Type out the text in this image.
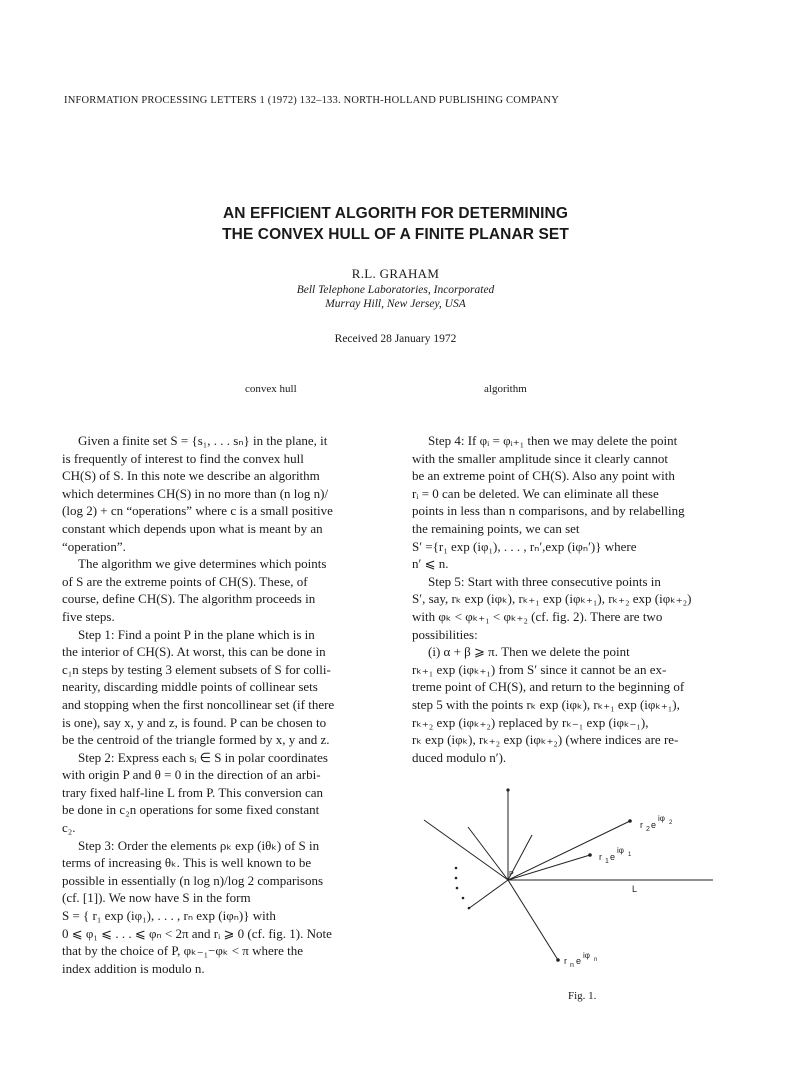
INFORMATION PROCESSING LETTERS 1 (1972) 132–133. NORTH-HOLLAND PUBLISHING COMPANY
AN EFFICIENT ALGORITH FOR DETERMINING
THE CONVEX HULL OF A FINITE PLANAR SET
R.L. GRAHAM
Bell Telephone Laboratories, Incorporated
Murray Hill, New Jersey, USA
Received 28 January 1972
convex hull	algorithm

Given a finite set S = {s₁, . . . sₙ} in the plane, it

is frequently of interest to find the convex hull

CH(S) of S. In this note we describe an algorithm

which determines CH(S) in no more than (n log n)/

(log 2) + cn “operations” where c is a small positive

constant which depends upon what is meant by an

“operation”.

The algorithm we give determines which points

of S are the extreme points of CH(S). These, of

course, define CH(S). The algorithm proceeds in

five steps.

Step 1: Find a point P in the plane which is in

the interior of CH(S). At worst, this can be done in

c₁n steps by testing 3 element subsets of S for colli-

nearity, discarding middle points of collinear sets

and stopping when the first noncollinear set (if there

is one), say x, y and z, is found. P can be chosen to

be the centroid of the triangle formed by x, y and z.

Step 2: Express each sᵢ ∈ S in polar coordinates

with origin P and θ = 0 in the direction of an arbi-

trary fixed half-line L from P. This conversion can

be done in c₂n operations for some fixed constant

c₂.

Step 3: Order the elements ρₖ exp (iθₖ) of S in

terms of increasing θₖ. This is well known to be

possible in essentially (n log n)/log 2 comparisons

(cf. [1]). We now have S in the form

S = { r₁ exp (iφ₁), . . . , rₙ exp (iφₙ)} with

0 ⩽ φ₁ ⩽ . . . ⩽ φₙ < 2π and rᵢ ⩾ 0 (cf. fig. 1). Note

that by the choice of P, φₖ₋₁−φₖ < π where the

index addition is modulo n.

Step 4: If φᵢ = φᵢ₊₁ then we may delete the point

with the smaller amplitude since it clearly cannot

be an extreme point of CH(S). Also any point with

rᵢ = 0 can be deleted. We can eliminate all these

points in less than n comparisons, and by relabelling

the remaining points, we can set

S′ ={r₁ exp (iφ₁), . . . , rₙ′,exp (iφₙ′)} where

n′ ⩽ n.

Step 5: Start with three consecutive points in

S′, say, rₖ exp (iφₖ), rₖ₊₁ exp (iφₖ₊₁), rₖ₊₂ exp (iφₖ₊₂)

with φₖ < φₖ₊₁ < φₖ₊₂ (cf. fig. 2). There are two

possibilities:

(i) α + β ⩾ π. Then we delete the point

rₖ₊₁ exp (iφₖ₊₁) from S′ since it cannot be an ex-

treme point of CH(S), and return to the beginning of

step 5 with the points rₖ exp (iφₖ), rₖ₊₁ exp (iφₖ₊₁),

rₖ₊₂ exp (iφₖ₊₂) replaced by rₖ₋₁ exp (iφₖ₋₁),

rₖ exp (iφₖ), rₖ₊₂ exp (iφₖ₊₂) (where indices are re-

duced modulo n′).

P
L
r 2 e
iφ 2
r 1 e
iφ 1
r n e
iφ n
Fig. 1.
